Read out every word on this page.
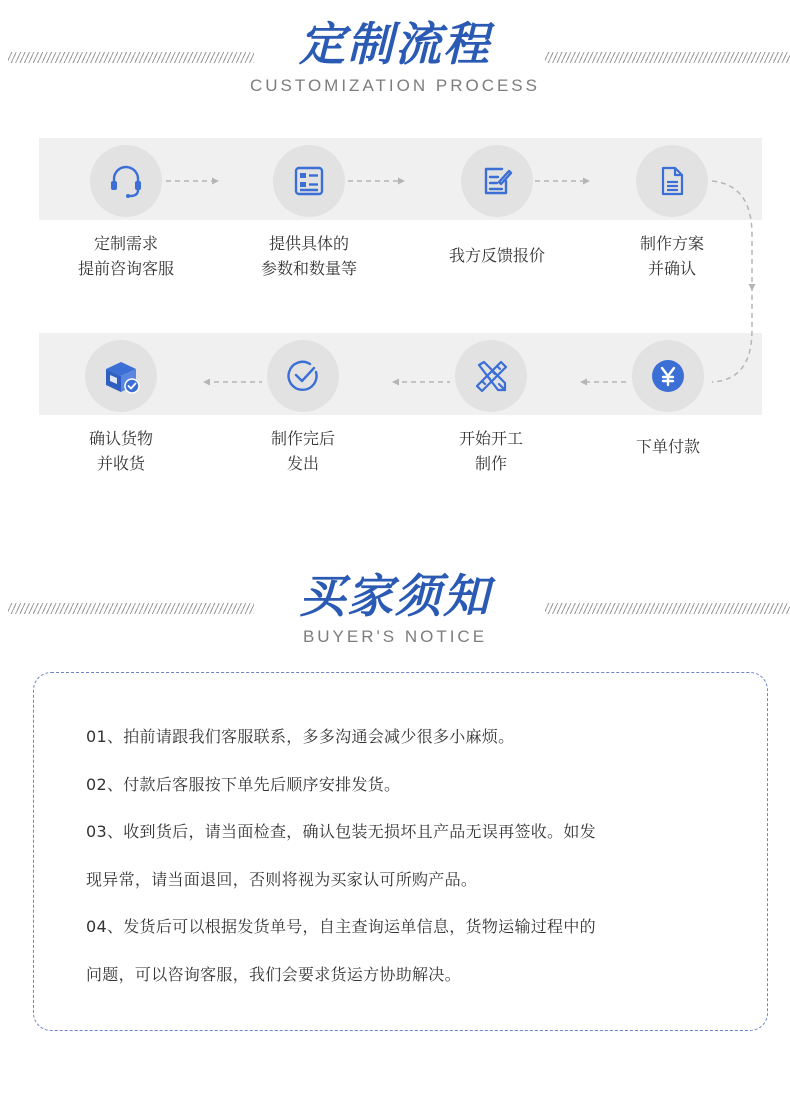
定制流程
CUSTOMIZATION PROCESS
定制需求
提前咨询客服
提供具体的
参数和数量等
我方反馈报价
制作方案
并确认
下单付款
开始开工
制作
制作完后
发出
确认货物
并收货
买家须知
BUYER'S NOTICE

01、拍前请跟我们客服联系，多多沟通会减少很多小麻烦。

02、付款后客服按下单先后顺序安排发货。

03、收到货后，请当面检查，确认包装无损坏且产品无误再签收。如发

现异常，请当面退回，否则将视为买家认可所购产品。

04、发货后可以根据发货单号，自主查询运单信息，货物运输过程中的

问题，可以咨询客服，我们会要求货运方协助解决。
